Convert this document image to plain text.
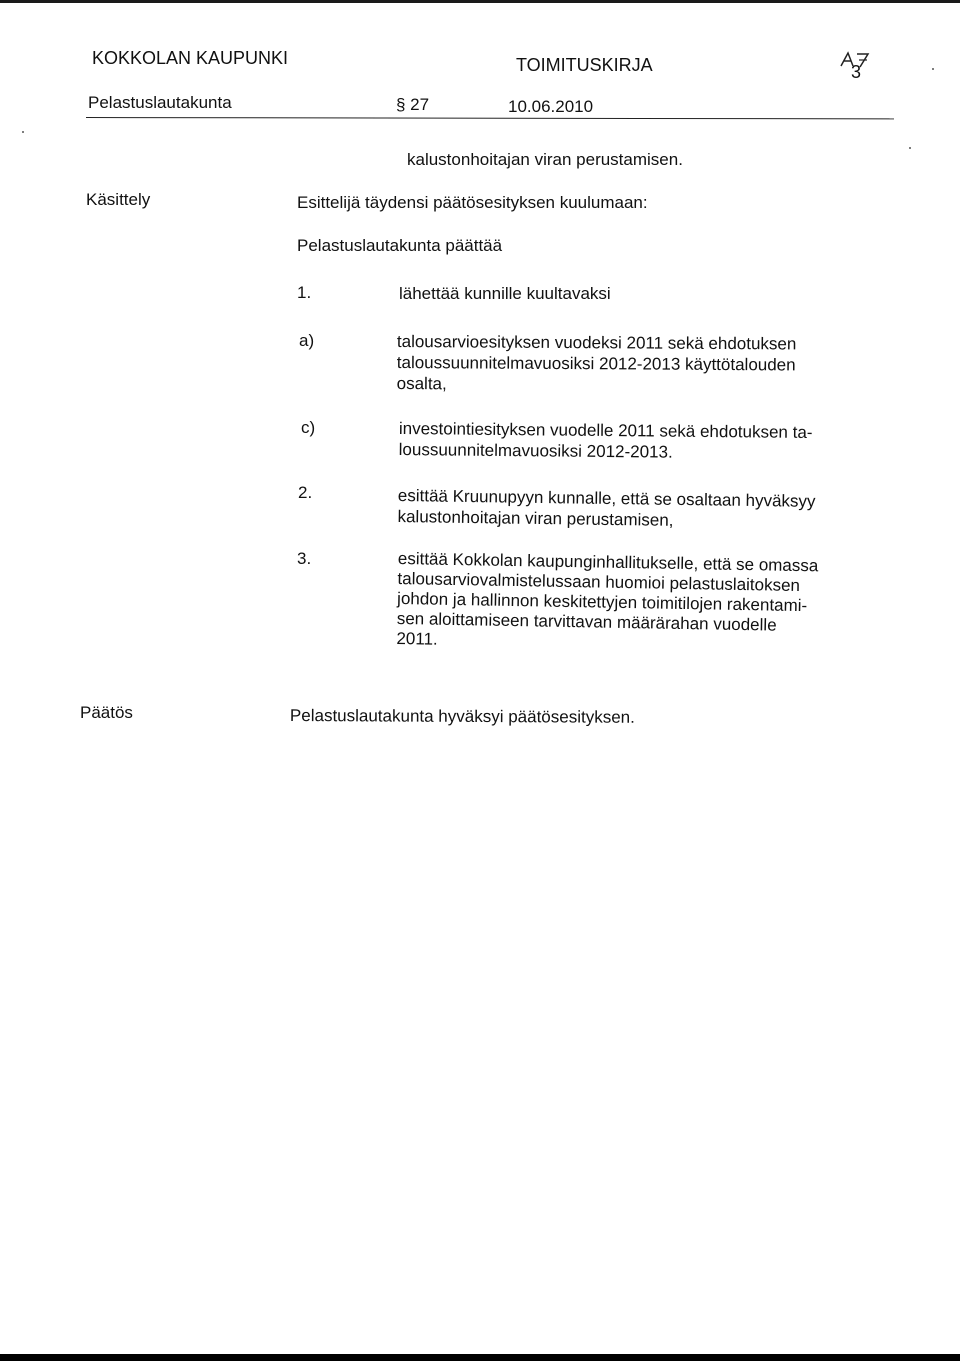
KOKKOLAN KAUPUNKI	TOIMITUSKIRJA	3
Pelastuslautakunta	§ 27	10.06.2010
kalustonhoitajan viran perustamisen.
Käsittely	Esittelijä täydensi päätösesityksen kuulumaan:
Pelastuslautakunta päättää
1.	lähettää kunnille kuultavaksi
a)	talousarvioesityksen vuodeksi 2011 sekä ehdotuksen
taloussuunnitelmavuosiksi 2012-2013 käyttötalouden
osalta,
c)	investointiesityksen vuodelle 2011 sekä ehdotuksen ta-
loussuunnitelmavuosiksi 2012-2013.
2.	esittää Kruunupyyn kunnalle, että se osaltaan hyväksyy
kalustonhoitajan viran perustamisen,
3.	esittää Kokkolan kaupunginhallitukselle, että se omassa
talousarviovalmistelussaan huomioi pelastuslaitoksen
johdon ja hallinnon keskitettyjen toimitilojen rakentami-
sen aloittamiseen tarvittavan määrärahan vuodelle
2011.
Päätös	Pelastuslautakunta hyväksyi päätösesityksen.
